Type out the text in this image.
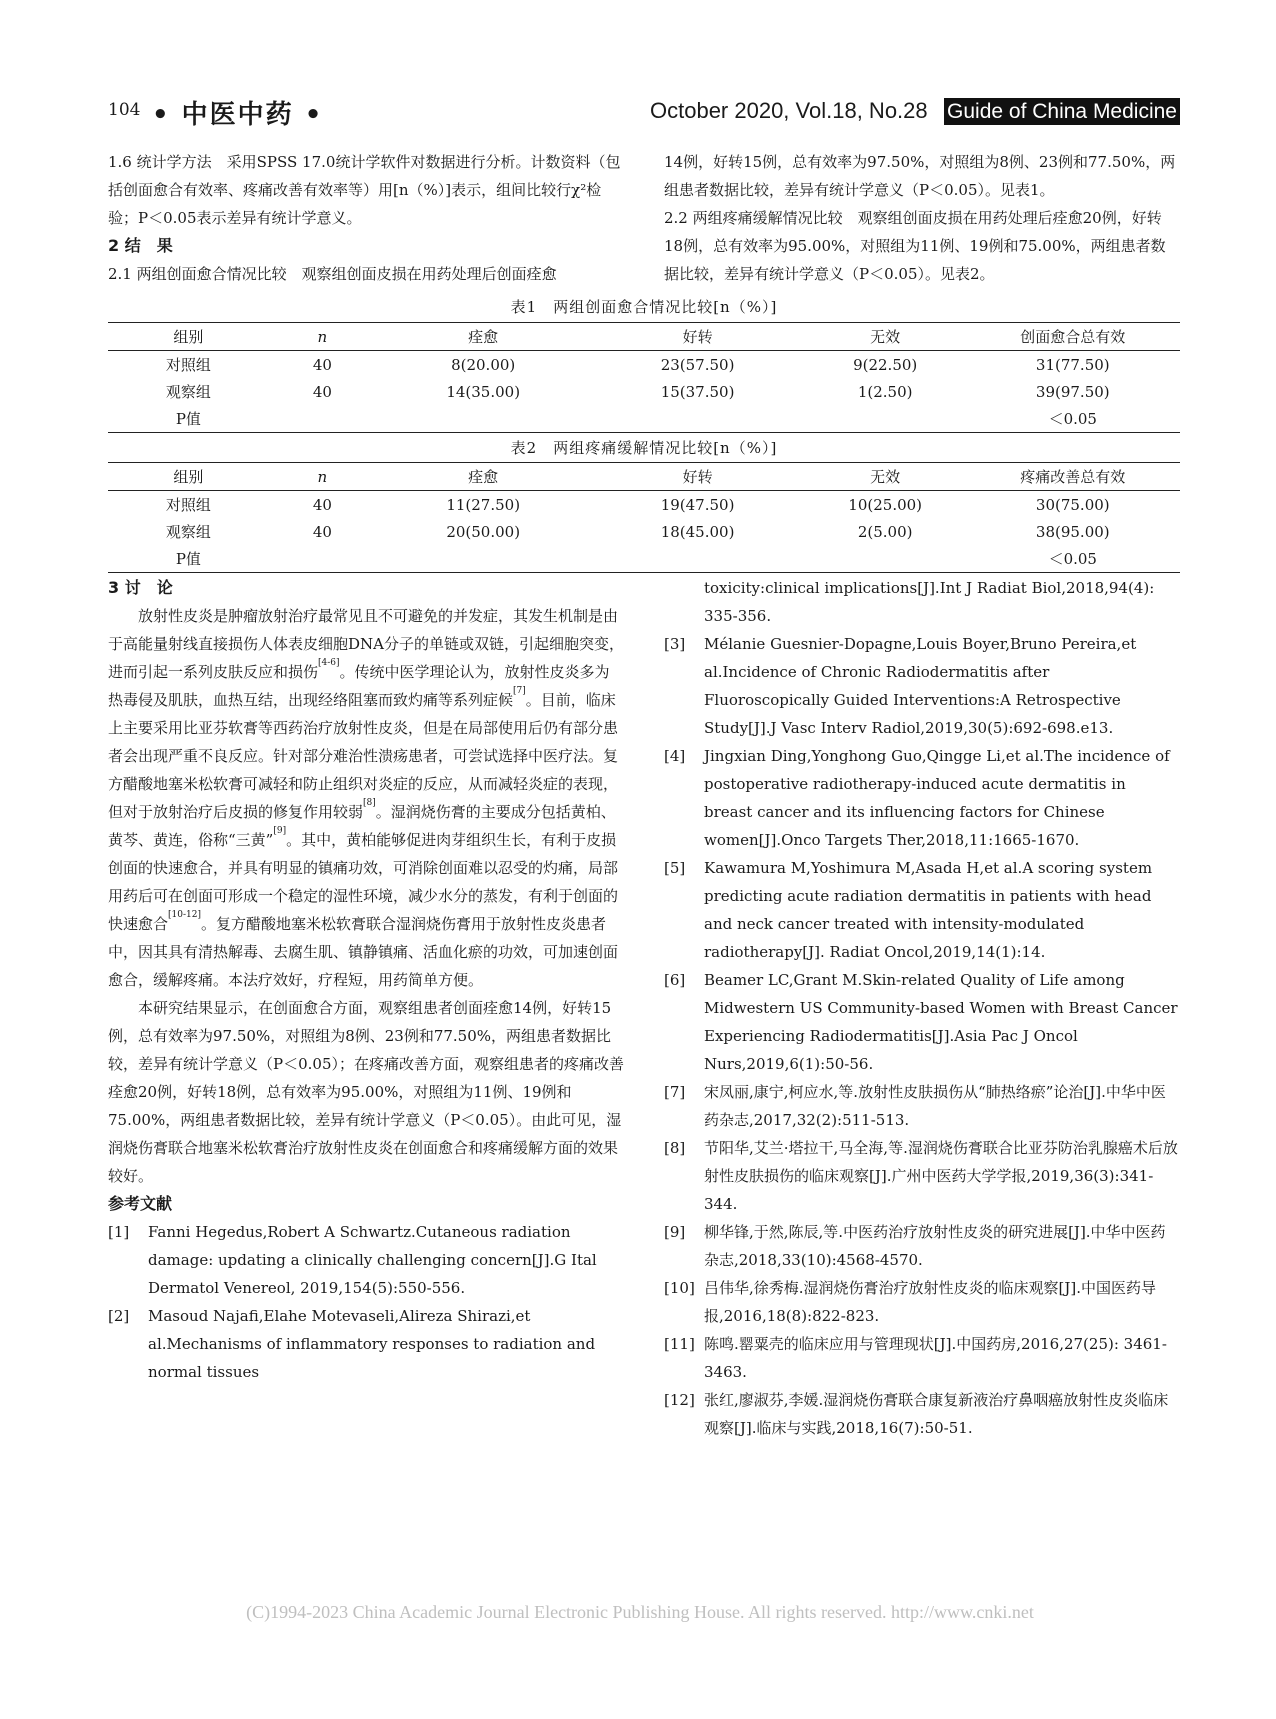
104 • 中医中药 •	October 2020, Vol.18, No.28 Guide of China Medicine

1.6 统计学方法　采用SPSS 17.0统计学软件对数据进行分析。计数资料（包括创面愈合有效率、疼痛改善有效率等）用[n（%）]表示，组间比较行χ²检验；P＜0.05表示差异有统计学意义。

2 结　果

2.1 两组创面愈合情况比较　观察组创面皮损在用药处理后创面痊愈

14例，好转15例，总有效率为97.50%，对照组为8例、23例和77.50%，两组患者数据比较，差异有统计学意义（P＜0.05）。见表1。

2.2 两组疼痛缓解情况比较　观察组创面皮损在用药处理后痊愈20例，好转18例，总有效率为95.00%，对照组为11例、19例和75.00%，两组患者数据比较，差异有统计学意义（P＜0.05）。见表2。

表1　两组创面愈合情况比较[n（%）]
组别	n	痊愈	好转	无效	创面愈合总有效
对照组	40	8(20.00)	23(57.50)	9(22.50)	31(77.50)
观察组	40	14(35.00)	15(37.50)	1(2.50)	39(97.50)
P值					＜0.05
表2　两组疼痛缓解情况比较[n（%）]
组别	n	痊愈	好转	无效	疼痛改善总有效
对照组	40	11(27.50)	19(47.50)	10(25.00)	30(75.00)
观察组	40	20(50.00)	18(45.00)	2(5.00)	38(95.00)
P值					＜0.05

3 讨　论

放射性皮炎是肿瘤放射治疗最常见且不可避免的并发症，其发生机制是由于高能量射线直接损伤人体表皮细胞DNA分子的单链或双链，引起细胞突变，进而引起一系列皮肤反应和损伤[4-6]。传统中医学理论认为，放射性皮炎多为热毒侵及肌肤，血热互结，出现经络阻塞而致灼痛等系列症候[7]。目前，临床上主要采用比亚芬软膏等西药治疗放射性皮炎，但是在局部使用后仍有部分患者会出现严重不良反应。针对部分难治性溃疡患者，可尝试选择中医疗法。复方醋酸地塞米松软膏可减轻和防止组织对炎症的反应，从而减轻炎症的表现，但对于放射治疗后皮损的修复作用较弱[8]。湿润烧伤膏的主要成分包括黄柏、黄芩、黄连，俗称“三黄”[9]。其中，黄柏能够促进肉芽组织生长，有利于皮损创面的快速愈合，并具有明显的镇痛功效，可消除创面难以忍受的灼痛，局部用药后可在创面可形成一个稳定的湿性环境，减少水分的蒸发，有利于创面的快速愈合[10-12]。复方醋酸地塞米松软膏联合湿润烧伤膏用于放射性皮炎患者中，因其具有清热解毒、去腐生肌、镇静镇痛、活血化瘀的功效，可加速创面愈合，缓解疼痛。本法疗效好，疗程短，用药简单方便。

本研究结果显示，在创面愈合方面，观察组患者创面痊愈14例，好转15例，总有效率为97.50%，对照组为8例、23例和77.50%，两组患者数据比较，差异有统计学意义（P＜0.05）；在疼痛改善方面，观察组患者的疼痛改善痊愈20例，好转18例，总有效率为95.00%，对照组为11例、19例和75.00%，两组患者数据比较，差异有统计学意义（P＜0.05）。由此可见，湿润烧伤膏联合地塞米松软膏治疗放射性皮炎在创面愈合和疼痛缓解方面的效果较好。

参考文献

[1]	Fanni Hegedus,Robert A Schwartz.Cutaneous radiation damage: updating a clinically challenging concern[J].G Ital Dermatol Venereol, 2019,154(5):550-556.
[2]	Masoud Najafi,Elahe Motevaseli,Alireza Shirazi,et al.Mechanisms of inflammatory responses to radiation and normal tissues
toxicity:clinical implications[J].Int J Radiat Biol,2018,94(4): 335-356.
[3]	Mélanie Guesnier-Dopagne,Louis Boyer,Bruno Pereira,et al.Incidence of Chronic Radiodermatitis after Fluoroscopically Guided Interventions:A Retrospective Study[J].J Vasc Interv Radiol,2019,30(5):692-698.e13.
[4]	Jingxian Ding,Yonghong Guo,Qingge Li,et al.The incidence of postoperative radiotherapy-induced acute dermatitis in breast cancer and its influencing factors for Chinese women[J].Onco Targets Ther,2018,11:1665-1670.
[5]	Kawamura M,Yoshimura M,Asada H,et al.A scoring system predicting acute radiation dermatitis in patients with head and neck cancer treated with intensity-modulated radiotherapy[J]. Radiat Oncol,2019,14(1):14.
[6]	Beamer LC,Grant M.Skin-related Quality of Life among Midwestern US Community-based Women with Breast Cancer Experiencing Radiodermatitis[J].Asia Pac J Oncol Nurs,2019,6(1):50-56.
[7]	宋凤丽,康宁,柯应水,等.放射性皮肤损伤从“肺热络瘀”论治[J].中华中医药杂志,2017,32(2):511-513.
[8]	节阳华,艾兰·塔拉干,马全海,等.湿润烧伤膏联合比亚芬防治乳腺癌术后放射性皮肤损伤的临床观察[J].广州中医药大学学报,2019,36(3):341-344.
[9]	柳华锋,于然,陈辰,等.中医药治疗放射性皮炎的研究进展[J].中华中医药杂志,2018,33(10):4568-4570.
[10] 吕伟华,徐秀梅.湿润烧伤膏治疗放射性皮炎的临床观察[J].中国医药导报,2016,18(8):822-823.
[11] 陈鸣.罂粟壳的临床应用与管理现状[J].中国药房,2016,27(25): 3461-3463.
[12] 张红,廖淑芬,李媛.湿润烧伤膏联合康复新液治疗鼻咽癌放射性皮炎临床观察[J].临床与实践,2018,16(7):50-51.
(C)1994-2023 China Academic Journal Electronic Publishing House. All rights reserved. http://www.cnki.net
